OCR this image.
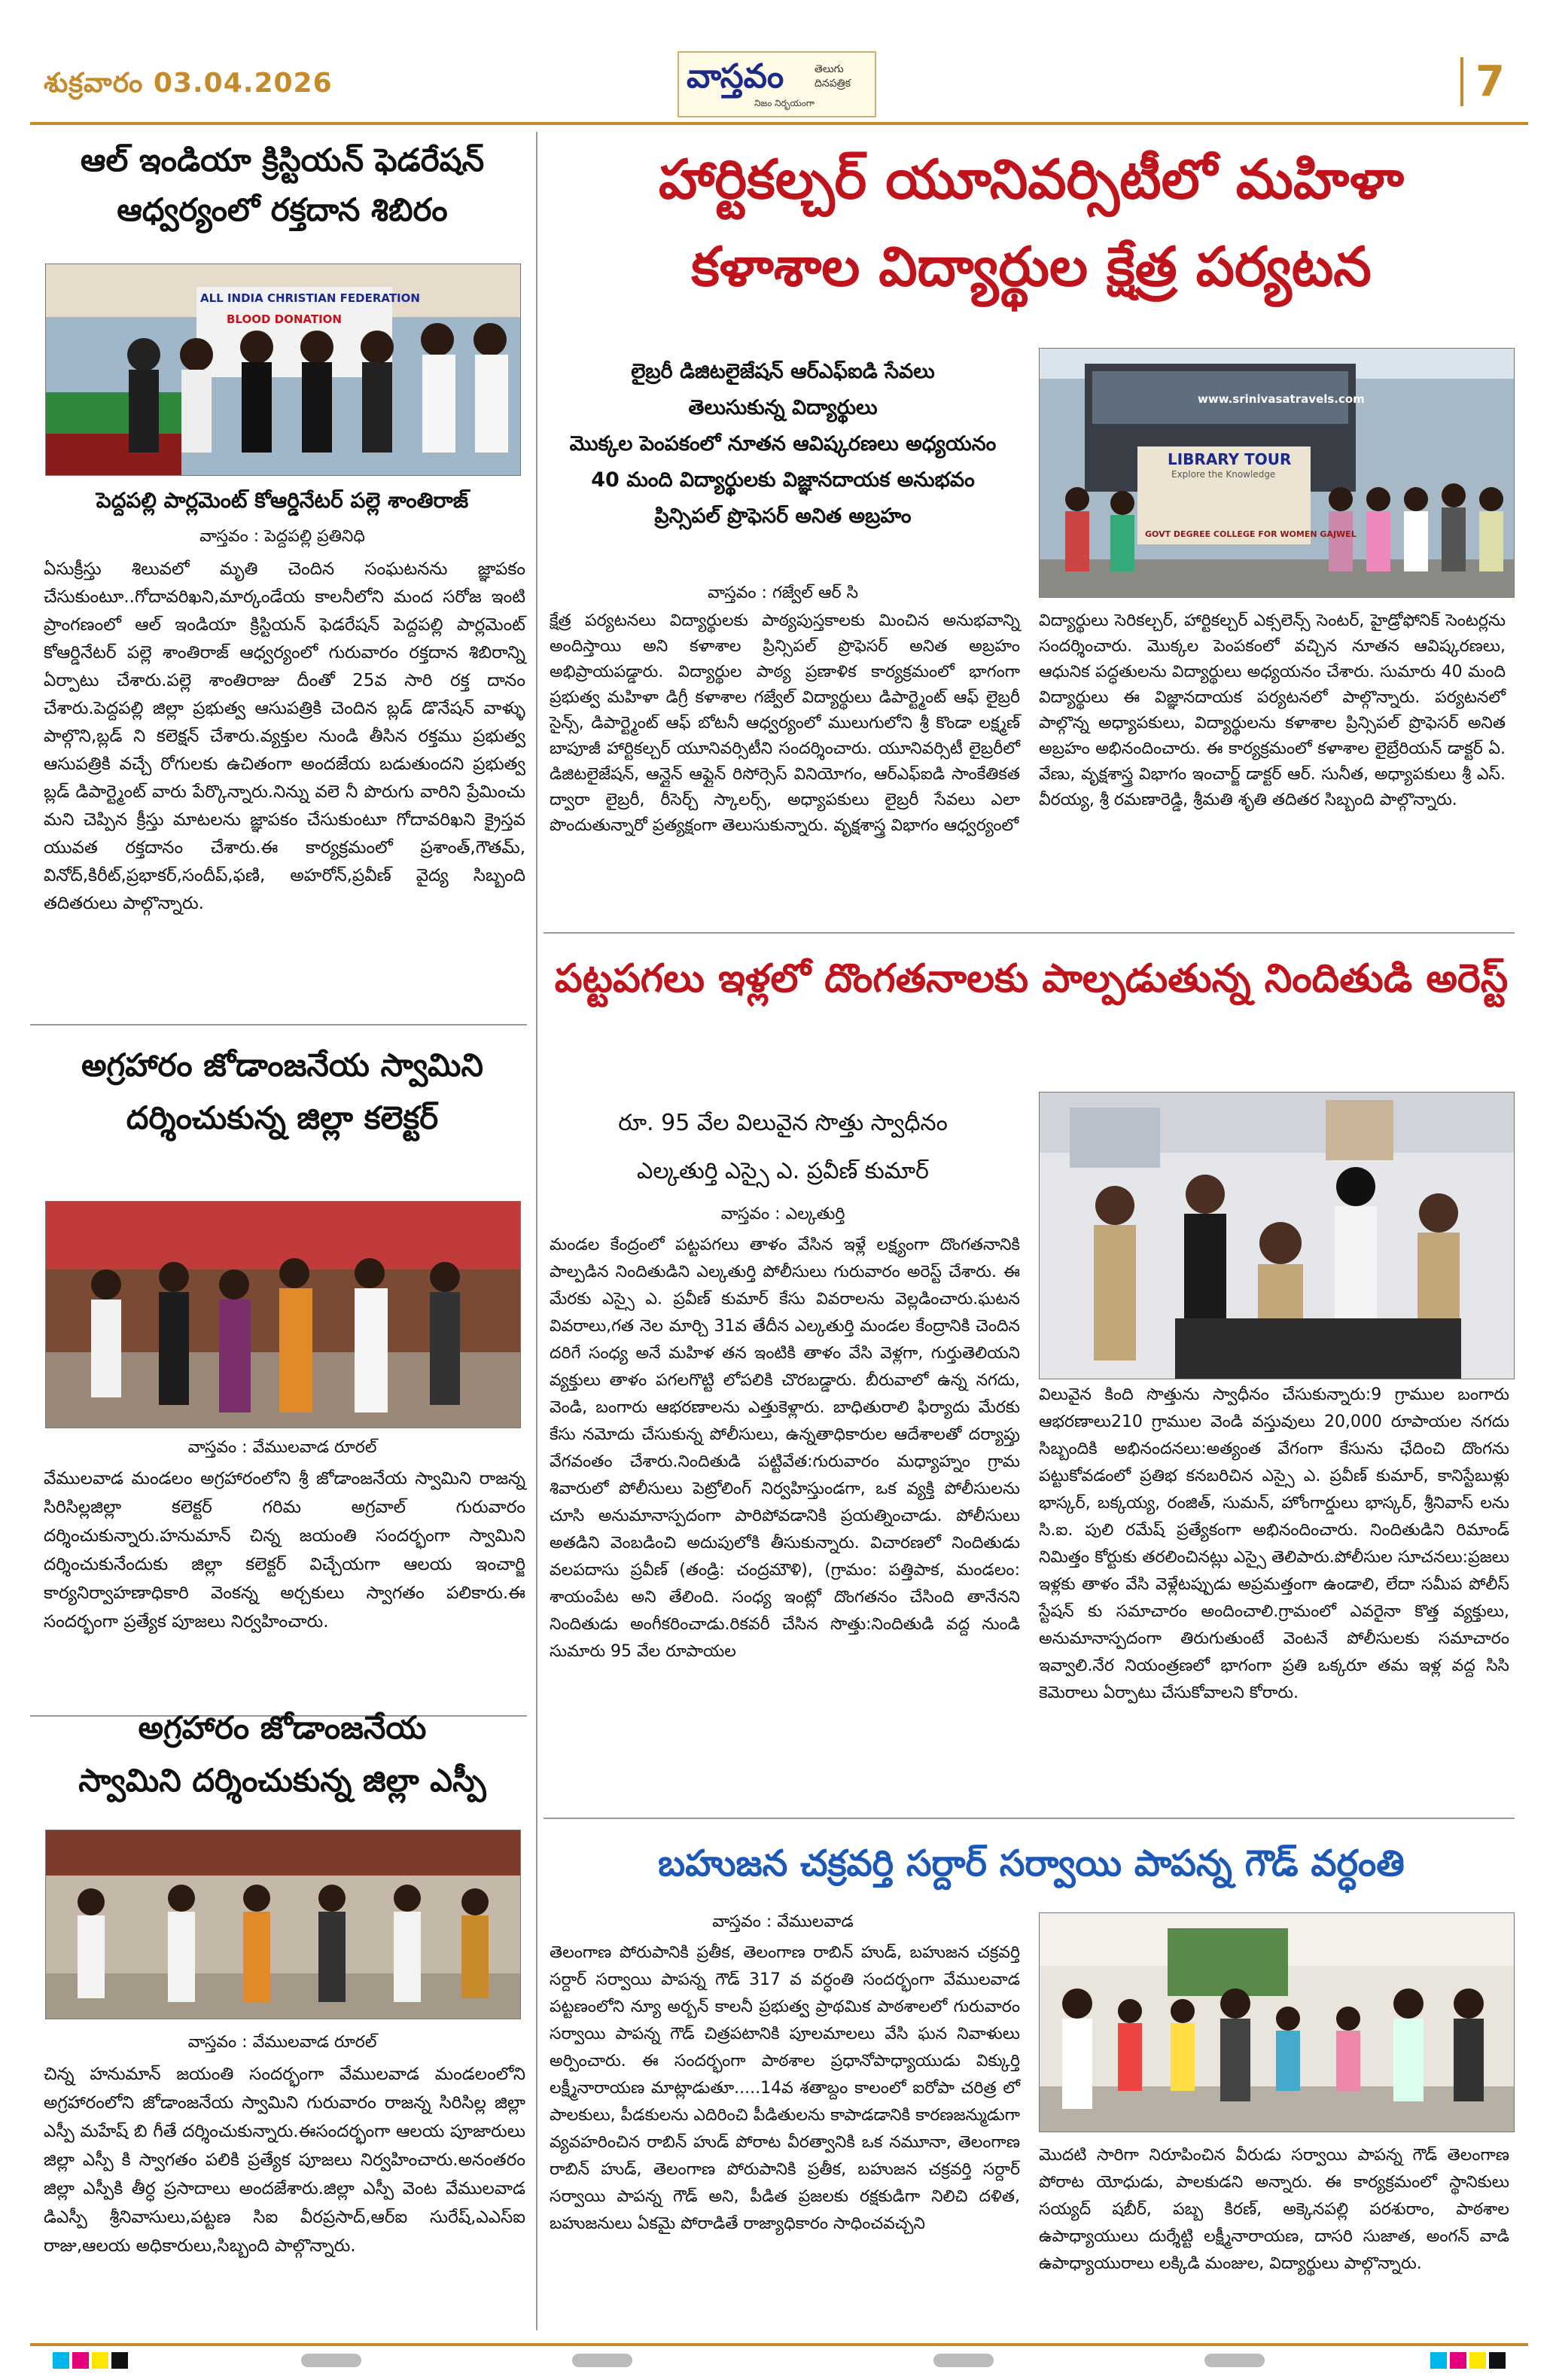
శుక్రవారం 03.04.2026	వాస్తవం	తెలుగు దినపత్రిక
నిజం నిర్భయంగా	7
ఆల్ ఇండియా క్రిస్టియన్ ఫెడరేషన్
ఆధ్వర్యంలో రక్తదాన శిబిరం
ALL INDIA CHRISTIAN FEDERATION
BLOOD DONATION
పెద్దపల్లి పార్లమెంట్ కోఆర్డినేటర్ పల్లె శాంతిరాజ్
వాస్తవం : పెద్దపల్లి ప్రతినిధి
ఏసుక్రీస్తు శిలువలో మృతి చెందిన సంఘటనను జ్ఞాపకం చేసుకుంటూ..గోదావరిఖని,మార్కండేయ కాలనీలోని మంద సరోజ ఇంటి ప్రాంగణంలో ఆల్ ఇండియా క్రిస్టియన్ ఫెడరేషన్ పెద్దపల్లి పార్లమెంట్ కోఆర్డినేటర్ పల్లె శాంతిరాజ్ ఆధ్వర్యంలో గురువారం రక్తదాన శిబిరాన్ని ఏర్పాటు చేశారు.పల్లె శాంతిరాజు దీంతో 25వ సారి రక్త దానం చేశారు.పెద్దపల్లి జిల్లా ప్రభుత్వ ఆసుపత్రికి చెందిన బ్లడ్ డొనేషన్ వాళ్ళు పాల్గొని,బ్లడ్ ని కలెక్షన్ చేశారు.వ్యక్తుల నుండి తీసిన రక్తము ప్రభుత్వ ఆసుపత్రికి వచ్చే రోగులకు ఉచితంగా అందజేయ బడుతుందని ప్రభుత్వ బ్లడ్ డిపార్ట్మెంట్ వారు పేర్కొన్నారు.నిన్ను వలె నీ పొరుగు వారిని ప్రేమించు మని చెప్పిన క్రీస్తు మాటలను జ్ఞాపకం చేసుకుంటూ గోదావరిఖని క్రైస్తవ యువత రక్తదానం చేశారు.ఈ కార్యక్రమంలో ప్రశాంత్,గౌతమ్, వినోద్,కిరీట్,ప్రభాకర్,సందీప్,ఫణి, అహరోన్,ప్రవీణ్ వైద్య సిబ్బంది తదితరులు పాల్గొన్నారు.
అగ్రహారం జోడాంజనేయ స్వామిని
దర్శించుకున్న జిల్లా కలెక్టర్
వాస్తవం : వేములవాడ రూరల్
వేములవాడ మండలం అగ్రహారంలోని శ్రీ జోడాంజనేయ స్వామిని రాజన్న సిరిసిల్లజిల్లా కలెక్టర్ గరిమ అగ్రవాల్ గురువారం దర్శించుకున్నారు.హనుమాన్ చిన్న జయంతి సందర్భంగా స్వామిని దర్శించుకునేందుకు జిల్లా కలెక్టర్ విచ్చేయగా ఆలయ ఇంచార్జి కార్యనిర్వాహణాధికారి వెంకన్న అర్చకులు స్వాగతం పలికారు.ఈ సందర్భంగా ప్రత్యేక పూజలు నిర్వహించారు.
అగ్రహారం జోడాంజనేయ
స్వామిని దర్శించుకున్న జిల్లా ఎస్పీ
వాస్తవం : వేములవాడ రూరల్
చిన్న హనుమాన్ జయంతి సందర్భంగా వేములవాడ మండలంలోని అగ్రహారంలోని జోడాంజనేయ స్వామిని గురువారం రాజన్న సిరిసిల్ల జిల్లా ఎస్పీ మహేష్ బి గీతే దర్శించుకున్నారు.ఈసందర్భంగా ఆలయ పూజారులు జిల్లా ఎస్పీ కి స్వాగతం పలికి ప్రత్యేక పూజలు నిర్వహించారు.అనంతరం జిల్లా ఎస్పీకి తీర్ధ ప్రసాదాలు అందజేశారు.జిల్లా ఎస్పీ వెంట వేములవాడ డిఎస్పీ శ్రీనివాసులు,పట్టణ సిఐ వీరప్రసాద్,ఆర్ఐ సురేష్,ఎఎస్ఐ రాజు,ఆలయ అధికారులు,సిబ్బంది పాల్గొన్నారు.
హార్టికల్చర్ యూనివర్సిటీలో మహిళా
కళాశాల విద్యార్థుల క్షేత్ర పర్యటన
లైబ్రరీ డిజిటలైజేషన్ ఆర్ఎఫ్ఐడి సేవలు
తెలుసుకున్న విద్యార్థులు
మొక్కల పెంపకంలో నూతన ఆవిష్కరణలు అధ్యయనం
40 మంది విద్యార్థులకు విజ్ఞానదాయక అనుభవం
ప్రిన్సిపల్ ప్రొఫెసర్ అనిత అబ్రహం
www.srinivasatravels.com
LIBRARY TOUR
Explore the Knowledge
GOVT DEGREE COLLEGE FOR WOMEN GAJWEL
వాస్తవం : గజ్వేల్ ఆర్ సి
క్షేత్ర పర్యటనలు విద్యార్థులకు పాఠ్యపుస్తకాలకు మించిన అనుభవాన్ని అందిస్తాయి అని కళాశాల ప్రిన్సిపల్ ప్రొఫెసర్ అనిత అబ్రహం అభిప్రాయపడ్డారు. విద్యార్థుల పాఠ్య ప్రణాళిక కార్యక్రమంలో భాగంగా ప్రభుత్వ మహిళా డిగ్రీ కళాశాల గజ్వేల్ విద్యార్థులు డిపార్ట్మెంట్ ఆఫ్ లైబ్రరీ సైన్స్, డిపార్ట్మెంట్ ఆఫ్ బోటనీ ఆధ్వర్యంలో ములుగులోని శ్రీ కొండా లక్ష్మణ్ బాపూజీ హార్టికల్చర్ యూనివర్సిటీని సందర్శించారు. యూనివర్సిటీ లైబ్రరీలో డిజిటలైజేషన్, ఆన్లైన్ ఆఫ్లైన్ రిసోర్సెస్ వినియోగం, ఆర్ఎఫ్ఐడి సాంకేతికత ద్వారా లైబ్రరీ, రీసెర్చ్ స్కాలర్స్, అధ్యాపకులు లైబ్రరీ సేవలు ఎలా పొందుతున్నారో ప్రత్యక్షంగా తెలుసుకున్నారు. వృక్షశాస్త్ర విభాగం ఆధ్వర్యంలో
విద్యార్థులు సెరికల్చర్, హార్టికల్చర్ ఎక్సలెన్స్ సెంటర్, హైడ్రోఫోనిక్ సెంటర్లను సందర్శించారు. మొక్కల పెంపకంలో వచ్చిన నూతన ఆవిష్కరణలు, ఆధునిక పద్ధతులను విద్యార్థులు అధ్యయనం చేశారు. సుమారు 40 మంది విద్యార్థులు ఈ విజ్ఞానదాయక పర్యటనలో పాల్గొన్నారు. పర్యటనలో పాల్గొన్న అధ్యాపకులు, విద్యార్థులను కళాశాల ప్రిన్సిపల్ ప్రొఫెసర్ అనిత అబ్రహం అభినందించారు. ఈ కార్యక్రమంలో కళాశాల లైబ్రేరియన్ డాక్టర్ ఏ. వేణు, వృక్షశాస్త్ర విభాగం ఇంచార్జ్ డాక్టర్ ఆర్. సునీత, అధ్యాపకులు శ్రీ ఎస్. వీరయ్య, శ్రీ రమణారెడ్డి, శ్రీమతి శృతి తదితర సిబ్బంది పాల్గొన్నారు.
పట్టపగలు ఇళ్లలో దొంగతనాలకు పాల్పడుతున్న నిందితుడి అరెస్ట్
రూ. 95 వేల విలువైన సొత్తు స్వాధీనం
ఎల్కతుర్తి ఎస్సై ఎ. ప్రవీణ్ కుమార్
వాస్తవం : ఎల్కతుర్తి
మండల కేంద్రంలో పట్టపగలు తాళం వేసిన ఇళ్లే లక్ష్యంగా దొంగతనానికి పాల్పడిన నిందితుడిని ఎల్కతుర్తి పోలీసులు గురువారం అరెస్ట్ చేశారు. ఈ మేరకు ఎస్సై ఎ. ప్రవీణ్ కుమార్ కేసు వివరాలను వెల్లడించారు.ఘటన వివరాలు,గత నెల మార్చి 31వ తేదీన ఎల్కతుర్తి మండల కేంద్రానికి చెందిన దరిగే సంధ్య అనే మహిళ తన ఇంటికి తాళం వేసి వెళ్లగా, గుర్తుతెలియని వ్యక్తులు తాళం పగలగొట్టి లోపలికి చొరబడ్డారు. బీరువాలో ఉన్న నగదు, వెండి, బంగారు ఆభరణాలను ఎత్తుకెళ్లారు. బాధితురాలి ఫిర్యాదు మేరకు కేసు నమోదు చేసుకున్న పోలీసులు, ఉన్నతాధికారుల ఆదేశాలతో దర్యాప్తు వేగవంతం చేశారు.నిందితుడి పట్టివేత:గురువారం మధ్యాహ్నం గ్రామ శివారులో పోలీసులు పెట్రోలింగ్ నిర్వహిస్తుండగా, ఒక వ్యక్తి పోలీసులను చూసి అనుమానాస్పదంగా పారిపోవడానికి ప్రయత్నించాడు. పోలీసులు అతడిని వెంబడించి అదుపులోకి తీసుకున్నారు. విచారణలో నిందితుడు వలపదాసు ప్రవీణ్ (తండ్రి: చంద్రమౌళి), (గ్రామం: పత్తిపాక, మండలం: శాయంపేట అని తేలింది. సంధ్య ఇంట్లో దొంగతనం చేసింది తానేనని నిందితుడు అంగీకరించాడు.రికవరీ చేసిన సొత్తు:నిందితుడి వద్ద నుండి సుమారు 95 వేల రూపాయల
విలువైన కింది సొత్తును స్వాధీనం చేసుకున్నారు:9 గ్రాముల బంగారు ఆభరణాలు210 గ్రాముల వెండి వస్తువులు 20,000 రూపాయల నగదు సిబ్బందికి అభినందనలు:అత్యంత వేగంగా కేసును ఛేదించి దొంగను పట్టుకోవడంలో ప్రతిభ కనబరిచిన ఎస్సై ఎ. ప్రవీణ్ కుమార్, కానిస్టేబుళ్లు భాస్కర్, బక్కయ్య, రంజిత్, సుమన్, హోంగార్డులు భాస్కర్, శ్రీనివాస్ లను సి.ఐ. పులి రమేష్ ప్రత్యేకంగా అభినందించారు. నిందితుడిని రిమాండ్ నిమిత్తం కోర్టుకు తరలించినట్లు ఎస్సై తెలిపారు.పోలీసుల సూచనలు:ప్రజలు ఇళ్లకు తాళం వేసి వెళ్లేటప్పుడు అప్రమత్తంగా ఉండాలి, లేదా సమీప పోలీస్ స్టేషన్ కు సమాచారం అందించాలి.గ్రామంలో ఎవరైనా కొత్త వ్యక్తులు, అనుమానాస్పదంగా తిరుగుతుంటే వెంటనే పోలీసులకు సమాచారం ఇవ్వాలి.నేర నియంత్రణలో భాగంగా ప్రతి ఒక్కరూ తమ ఇళ్ల వద్ద సిసి కెమెరాలు ఏర్పాటు చేసుకోవాలని కోరారు.
బహుజన చక్రవర్తి సర్దార్ సర్వాయి పాపన్న గౌడ్ వర్ధంతి
వాస్తవం : వేములవాడ
తెలంగాణ పోరుపానికి ప్రతీక, తెలంగాణ రాబిన్ హుడ్, బహుజన చక్రవర్తి సర్దార్ సర్వాయి పాపన్న గౌడ్ 317 వ వర్ధంతి సందర్భంగా వేములవాడ పట్టణంలోని న్యూ అర్బన్ కాలనీ ప్రభుత్వ ప్రాథమిక పాఠశాలలో గురువారం సర్వాయి పాపన్న గౌడ్ చిత్రపటానికి పూలమాలలు వేసి ఘన నివాళులు అర్పించారు. ఈ సందర్భంగా పాఠశాల ప్రధానోపాధ్యాయుడు విక్కుర్తి లక్ష్మీనారాయణ మాట్లాడుతూ.....14వ శతాబ్దం కాలంలో ఐరోపా చరిత్ర లో పాలకులు, పీడకులను ఎదిరించి పీడితులను కాపాడడానికి కారణజన్ముడుగా వ్యవహరించిన రాబిన్ హుడ్ పోరాట వీరత్వానికి ఒక నమూనా, తెలంగాణ రాబిన్ హుడ్, తెలంగాణ పోరుపానికి ప్రతీక, బహుజన చక్రవర్తి సర్దార్ సర్వాయి పాపన్న గౌడ్ అని, పీడిత ప్రజలకు రక్షకుడిగా నిలిచి దళిత, బహుజనులు ఏకమై పోరాడితే రాజ్యాధికారం సాధించవచ్చని
మొదటి సారిగా నిరూపించిన వీరుడు సర్వాయి పాపన్న గౌడ్ తెలంగాణ పోరాట యోధుడు, పాలకుడని అన్నారు. ఈ కార్యక్రమంలో స్థానికులు సయ్యద్ షబీర్, పబ్బ కిరణ్, అక్కెనపల్లి పరశురాం, పాఠశాల ఉపాధ్యాయులు దుర్శేట్టి లక్ష్మీనారాయణ, దాసరి సుజాత, అంగన్ వాడి ఉపాధ్యాయురాలు లక్కిడి మంజుల, విద్యార్థులు పాల్గొన్నారు.
